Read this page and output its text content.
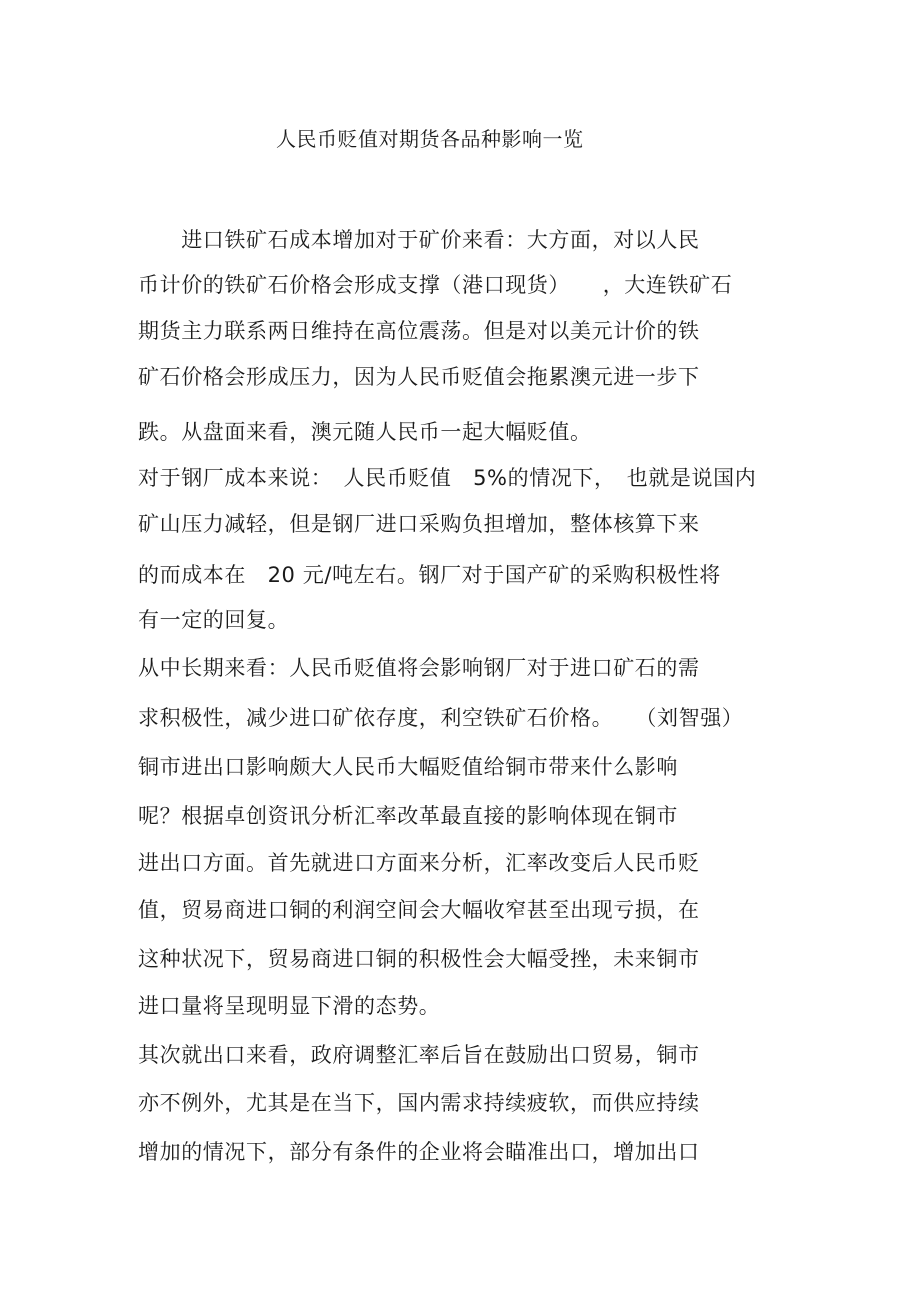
人民币贬值对期货各品种影响一览
　　进口铁矿石成本增加对于矿价来看：大方面，对以人民
币计价的铁矿石价格会形成支撑（港口现货）　　，大连铁矿石
期货主力联系两日维持在高位震荡。但是对以美元计价的铁
矿石价格会形成压力，因为人民币贬值会拖累澳元进一步下
跌。从盘面来看，澳元随人民币一起大幅贬值。
对于钢厂成本来说：　人民币贬值　5%的情况下，　也就是说国内
矿山压力减轻，但是钢厂进口采购负担增加，整体核算下来
的而成本在　20 元/吨左右。钢厂对于国产矿的采购积极性将
有一定的回复。
从中长期来看：人民币贬值将会影响钢厂对于进口矿石的需
求积极性，减少进口矿依存度，利空铁矿石价格。　　（刘智强）
铜市进出口影响颇大人民币大幅贬值给铜市带来什么影响
呢？根据卓创资讯分析汇率改革最直接的影响体现在铜市
进出口方面。首先就进口方面来分析，汇率改变后人民币贬
值，贸易商进口铜的利润空间会大幅收窄甚至出现亏损，在
这种状况下，贸易商进口铜的积极性会大幅受挫，未来铜市
进口量将呈现明显下滑的态势。
其次就出口来看，政府调整汇率后旨在鼓励出口贸易，铜市
亦不例外，尤其是在当下，国内需求持续疲软，而供应持续
增加的情况下，部分有条件的企业将会瞄准出口，增加出口
